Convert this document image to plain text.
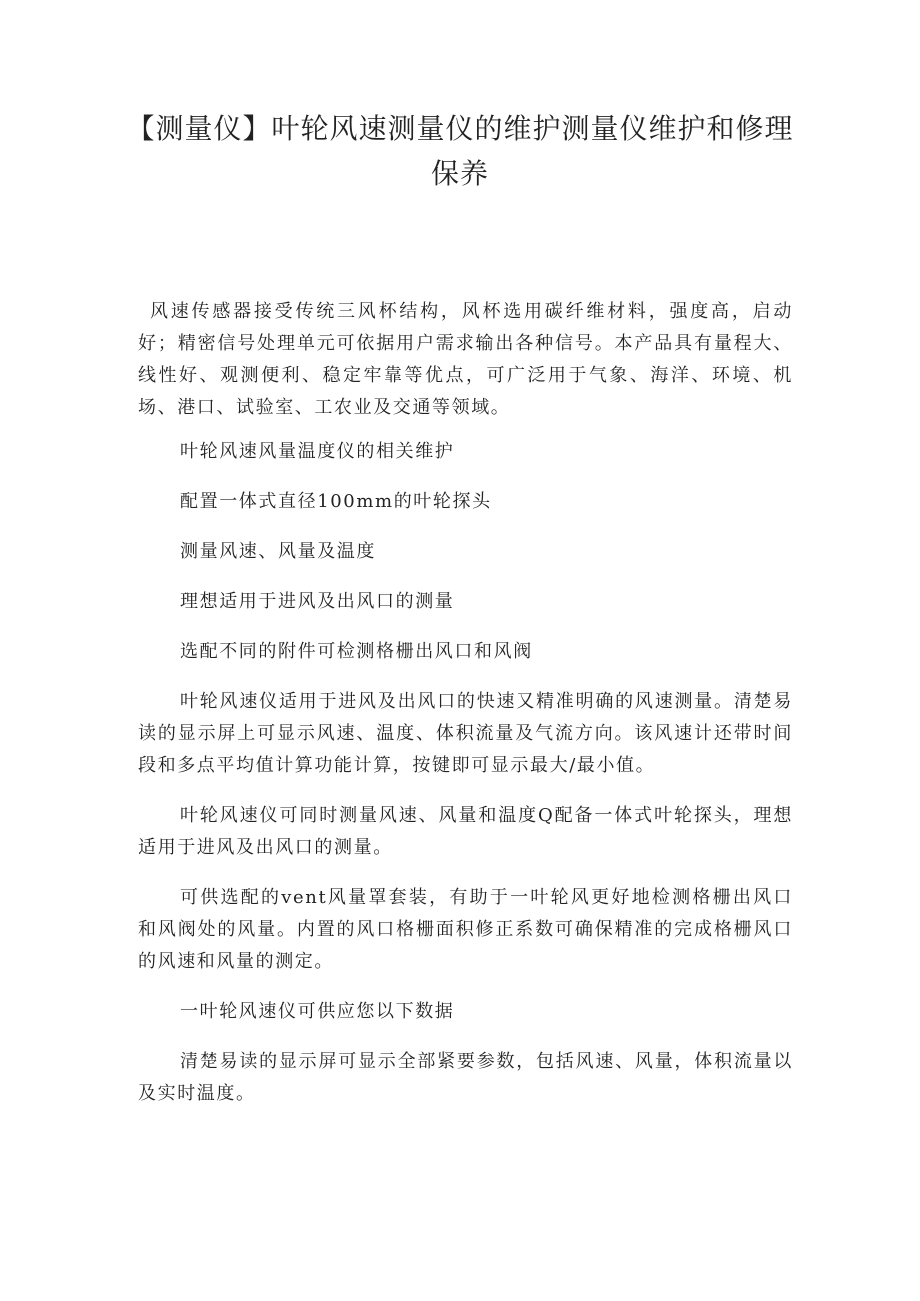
【测量仪】叶轮风速测量仪的维护测量仪维护和修理保养

风速传感器接受传统三风杯结构，风杯选用碳纤维材料，强度高，启动好；精密信号处理单元可依据用户需求输出各种信号。本产品具有量程大、线性好、观测便利、稳定牢靠等优点，可广泛用于气象、海洋、环境、机场、港口、试验室、工农业及交通等领域。

叶轮风速风量温度仪的相关维护

配置一体式直径100mm的叶轮探头

测量风速、风量及温度

理想适用于进风及出风口的测量

选配不同的附件可检测格栅出风口和风阀

叶轮风速仪适用于进风及出风口的快速又精准明确的风速测量。清楚易读的显示屏上可显示风速、温度、体积流量及气流方向。该风速计还带时间段和多点平均值计算功能计算，按键即可显示最大/最小值。

叶轮风速仪可同时测量风速、风量和温度Q配备一体式叶轮探头，理想适用于进风及出风口的测量。

可供选配的vent风量罩套装，有助于一叶轮风更好地检测格栅出风口和风阀处的风量。内置的风口格栅面积修正系数可确保精准的完成格栅风口的风速和风量的测定。

一叶轮风速仪可供应您以下数据

清楚易读的显示屏可显示全部紧要参数，包括风速、风量，体积流量以及实时温度。
